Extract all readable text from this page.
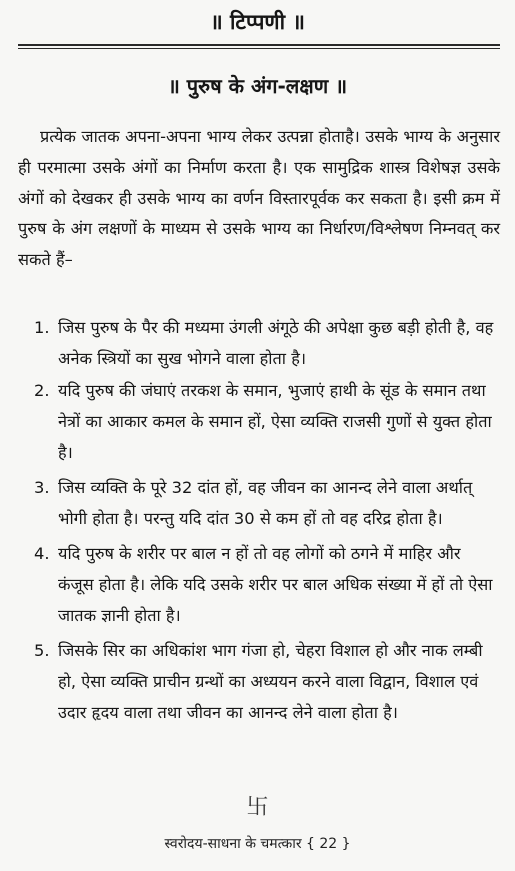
॥ टिप्पणी ॥
॥ पुरुष के अंग-लक्षण ॥
प्रत्येक जातक अपना-अपना भाग्य लेकर उत्पन्ना होताहै। उसके भाग्य के अनुसार ही परमात्मा उसके अंगों का निर्माण करता है। एक सामुद्रिक शास्त्र विशेषज्ञ उसके अंगों को देखकर ही उसके भाग्य का वर्णन विस्तारपूर्वक कर सकता है। इसी क्रम में पुरुष के अंग लक्षणों के माध्यम से उसके भाग्य का निर्धारण/विश्लेषण निम्नवत् कर सकते हैं–
1. जिस पुरुष के पैर की मध्यमा उंगली अंगूठे की अपेक्षा कुछ बड़ी होती है, वह अनेक स्त्रियों का सुख भोगने वाला होता है।
2. यदि पुरुष की जंघाएं तरकश के समान, भुजाएं हाथी के सूंड के समान तथा नेत्रों का आकार कमल के समान हों, ऐसा व्यक्ति राजसी गुणों से युक्त होता है।
3. जिस व्यक्ति के पूरे 32 दांत हों, वह जीवन का आनन्द लेने वाला अर्थात् भोगी होता है। परन्तु यदि दांत 30 से कम हों तो वह दरिद्र होता है।
4. यदि पुरुष के शरीर पर बाल न हों तो वह लोगों को ठगने में माहिर और कंजूस होता है। लेकि यदि उसके शरीर पर बाल अधिक संख्या में हों तो ऐसा जातक ज्ञानी होता है।
5. जिसके सिर का अधिकांश भाग गंजा हो, चेहरा विशाल हो और नाक लम्बी हो, ऐसा व्यक्ति प्राचीन ग्रन्थों का अध्ययन करने वाला विद्वान, विशाल एवं उदार हृदय वाला तथा जीवन का आनन्द लेने वाला होता है।
卐
स्वरोदय-साधना के चमत्कार { 22 }
